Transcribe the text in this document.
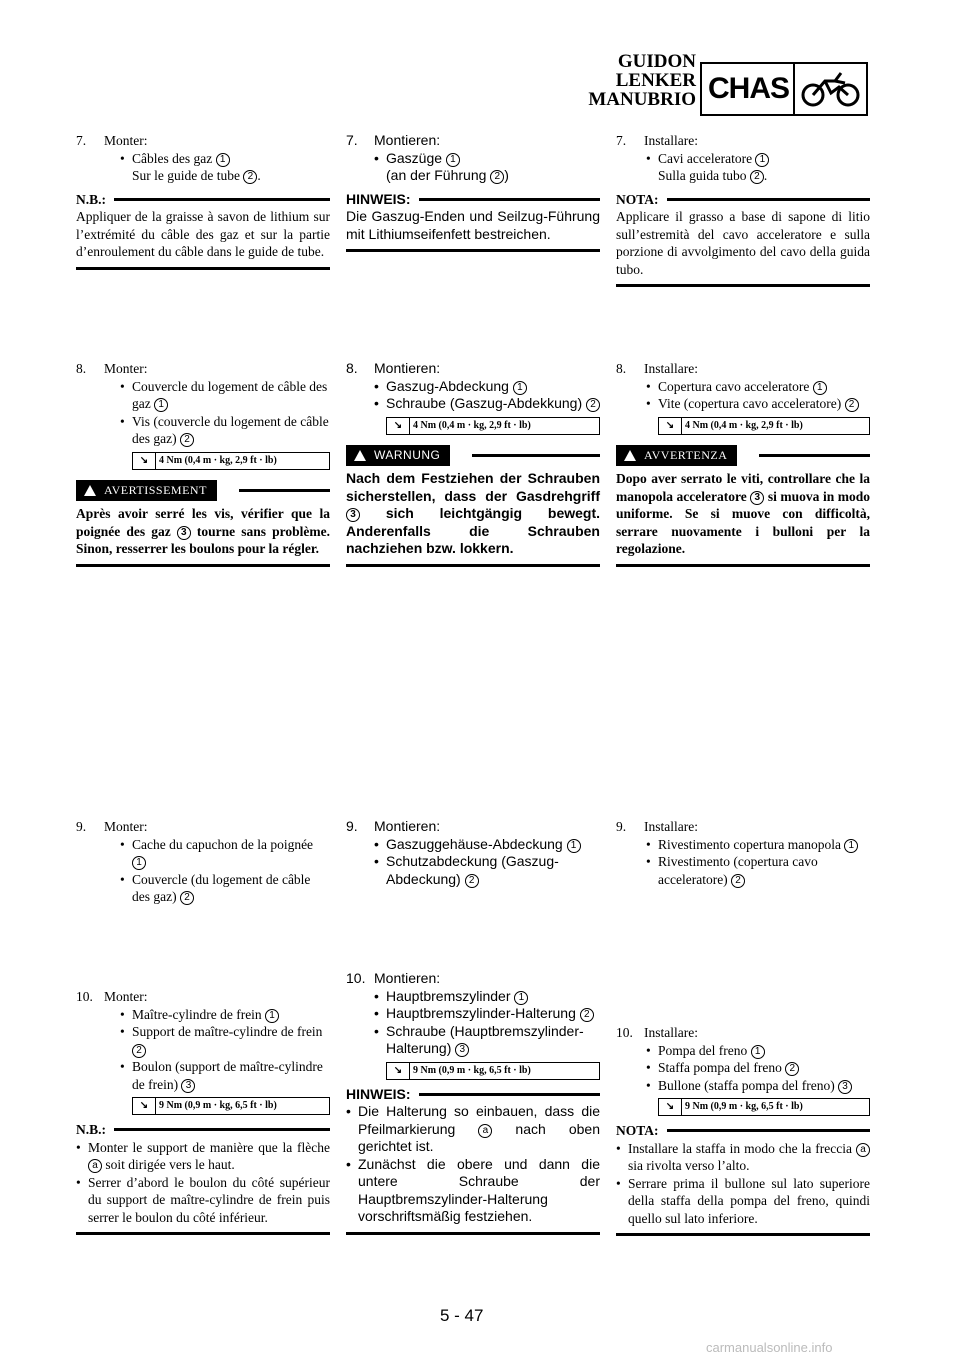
GUIDON
LENKER
MANUBRIO CHAS
7. Monter:
• Câbles des gaz 1
Sur le guide de tube 2 .
N.B.:
Appliquer de la graisse à savon de lithium sur l’extrémité du câble des gaz et sur la partie d’enroulement du câble dans le guide de tube.
8. Monter:
• Couvercle du logement de câble des gaz 1
• Vis (couvercle du logement de câble des gaz) 2
↘	4 Nm (0,4 m · kg, 2,9 ft · lb)
AVERTISSEMENT
Après avoir serré les vis, vérifier que la poignée des gaz 3 tourne sans problème. Sinon, resserrer les boulons pour la régler.
9. Monter:
• Cache du capuchon de la poignée 1
• Couvercle (du logement de câble des gaz) 2
10. Monter:
• Maître-cylindre de frein 1
• Support de maître-cylindre de frein 2
• Boulon (support de maître-cylindre de frein) 3
↘	9 Nm (0,9 m · kg, 6,5 ft · lb)
N.B.:
• Monter le support de manière que la flèche a soit dirigée vers le haut.
• Serrer d’abord le boulon du côté supérieur du support de maître-cylindre de frein puis serrer le boulon du côté inférieur.
7. Montieren:
• Gaszüge 1
(an der Führung 2 )
HINWEIS:
Die Gaszug-Enden und Seilzug-Führung mit Lithiumseifenfett bestreichen.
8. Montieren:
• Gaszug-Abdeckung 1
• Schraube (Gaszug-Abdekkung) 2
↘	4 Nm (0,4 m · kg, 2,9 ft · lb)
WARNUNG
Nach dem Festziehen der Schrauben sicherstellen, dass der Gasdrehgriff 3 sich leichtgängig bewegt. Anderenfalls die Schrauben nachziehen bzw. lokkern.
9. Montieren:
• Gaszuggehäuse-Abdeckung 1
• Schutzabdeckung (Gaszug-Abdeckung) 2
10. Montieren:
• Hauptbremszylinder 1
• Hauptbremszylinder-Halterung 2
• Schraube (Hauptbremszylinder-Halterung) 3
↘	9 Nm (0,9 m · kg, 6,5 ft · lb)
HINWEIS:
• Die Halterung so einbauen, dass die Pfeilmarkierung	a nach oben gerichtet ist.
• Zunächst die obere und dann die untere Schraube der Hauptbremszylinder-Halterung vorschriftsmäßig festziehen.
7. Installare:
• Cavi acceleratore 1
Sulla guida tubo 2 .
NOTA:
Applicare il grasso a base di sapone di litio sull’estremità del cavo acceleratore e sulla porzione di avvolgimento del cavo della guida tubo.
8. Installare:
• Copertura cavo acceleratore 1
• Vite (copertura cavo acceleratore) 2
↘	4 Nm (0,4 m · kg, 2,9 ft · lb)
AVVERTENZA
Dopo aver serrato le viti, controllare che la manopola acceleratore 3 si muova in modo uniforme. Se si muove con difficoltà, serrare nuovamente i bulloni per la regolazione.
9. Installare:
• Rivestimento copertura manopola 1
• Rivestimento (copertura cavo acceleratore) 2
10. Installare:
• Pompa del freno 1
• Staffa pompa del freno 2
• Bullone (staffa pompa del freno) 3
↘	9 Nm (0,9 m · kg, 6,5 ft · lb)
NOTA:
• Installare la staffa in modo che la freccia a sia rivolta verso l’alto.
• Serrare prima il bullone sul lato superiore della staffa della pompa del freno, quindi quello sul lato inferiore.
5 - 47
carmanualsonline.info
